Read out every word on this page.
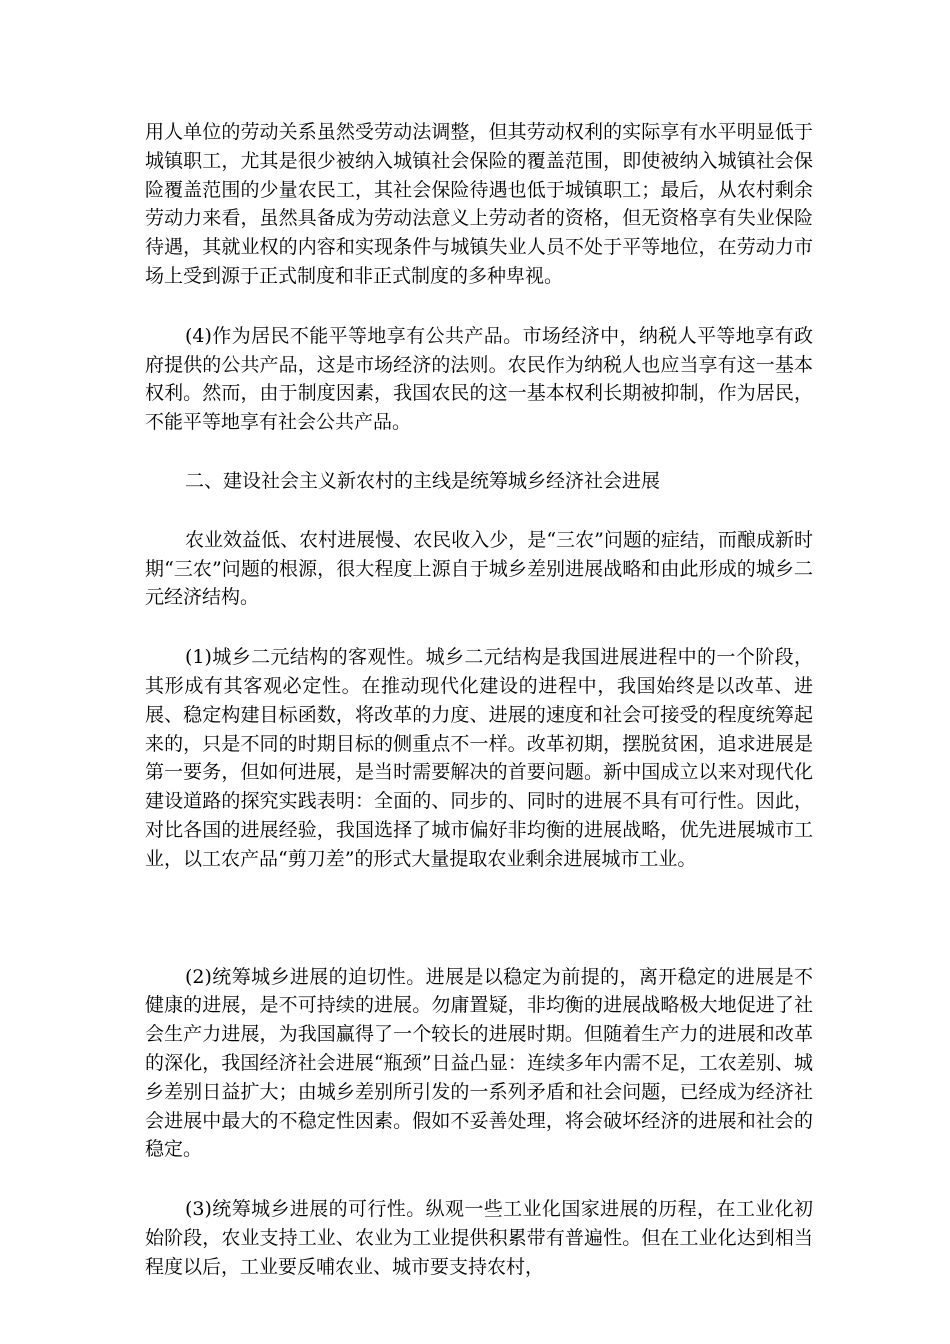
用人单位的劳动关系虽然受劳动法调整，但其劳动权利的实际享有水平明显低于城镇职工，尤其是很少被纳入城镇社会保险的覆盖范围，即使被纳入城镇社会保险覆盖范围的少量农民工，其社会保险待遇也低于城镇职工；最后，从农村剩余劳动力来看，虽然具备成为劳动法意义上劳动者的资格，但无资格享有失业保险待遇，其就业权的内容和实现条件与城镇失业人员不处于平等地位，在劳动力市场上受到源于正式制度和非正式制度的多种卑视。

(4)作为居民不能平等地享有公共产品。市场经济中，纳税人平等地享有政府提供的公共产品，这是市场经济的法则。农民作为纳税人也应当享有这一基本权利。然而，由于制度因素，我国农民的这一基本权利长期被抑制，作为居民，不能平等地享有社会公共产品。

二、建设社会主义新农村的主线是统筹城乡经济社会进展

农业效益低、农村进展慢、农民收入少，是“三农”问题的症结，而酿成新时期“三农”问题的根源，很大程度上源自于城乡差别进展战略和由此形成的城乡二元经济结构。

(1)城乡二元结构的客观性。城乡二元结构是我国进展进程中的一个阶段，其形成有其客观必定性。在推动现代化建设的进程中，我国始终是以改革、进展、稳定构建目标函数，将改革的力度、进展的速度和社会可接受的程度统筹起来的，只是不同的时期目标的侧重点不一样。改革初期，摆脱贫困，追求进展是第一要务，但如何进展，是当时需要解决的首要问题。新中国成立以来对现代化建设道路的探究实践表明：全面的、同步的、同时的进展不具有可行性。因此，对比各国的进展经验，我国选择了城市偏好非均衡的进展战略，优先进展城市工业，以工农产品“剪刀差”的形式大量提取农业剩余进展城市工业。

(2)统筹城乡进展的迫切性。进展是以稳定为前提的，离开稳定的进展是不健康的进展，是不可持续的进展。勿庸置疑，非均衡的进展战略极大地促进了社会生产力进展，为我国赢得了一个较长的进展时期。但随着生产力的进展和改革的深化，我国经济社会进展“瓶颈”日益凸显：连续多年内需不足，工农差别、城乡差别日益扩大；由城乡差别所引发的一系列矛盾和社会问题，已经成为经济社会进展中最大的不稳定性因素。假如不妥善处理，将会破坏经济的进展和社会的稳定。

(3)统筹城乡进展的可行性。纵观一些工业化国家进展的历程，在工业化初始阶段，农业支持工业、农业为工业提供积累带有普遍性。但在工业化达到相当程度以后，工业要反哺农业、城市要支持农村，
